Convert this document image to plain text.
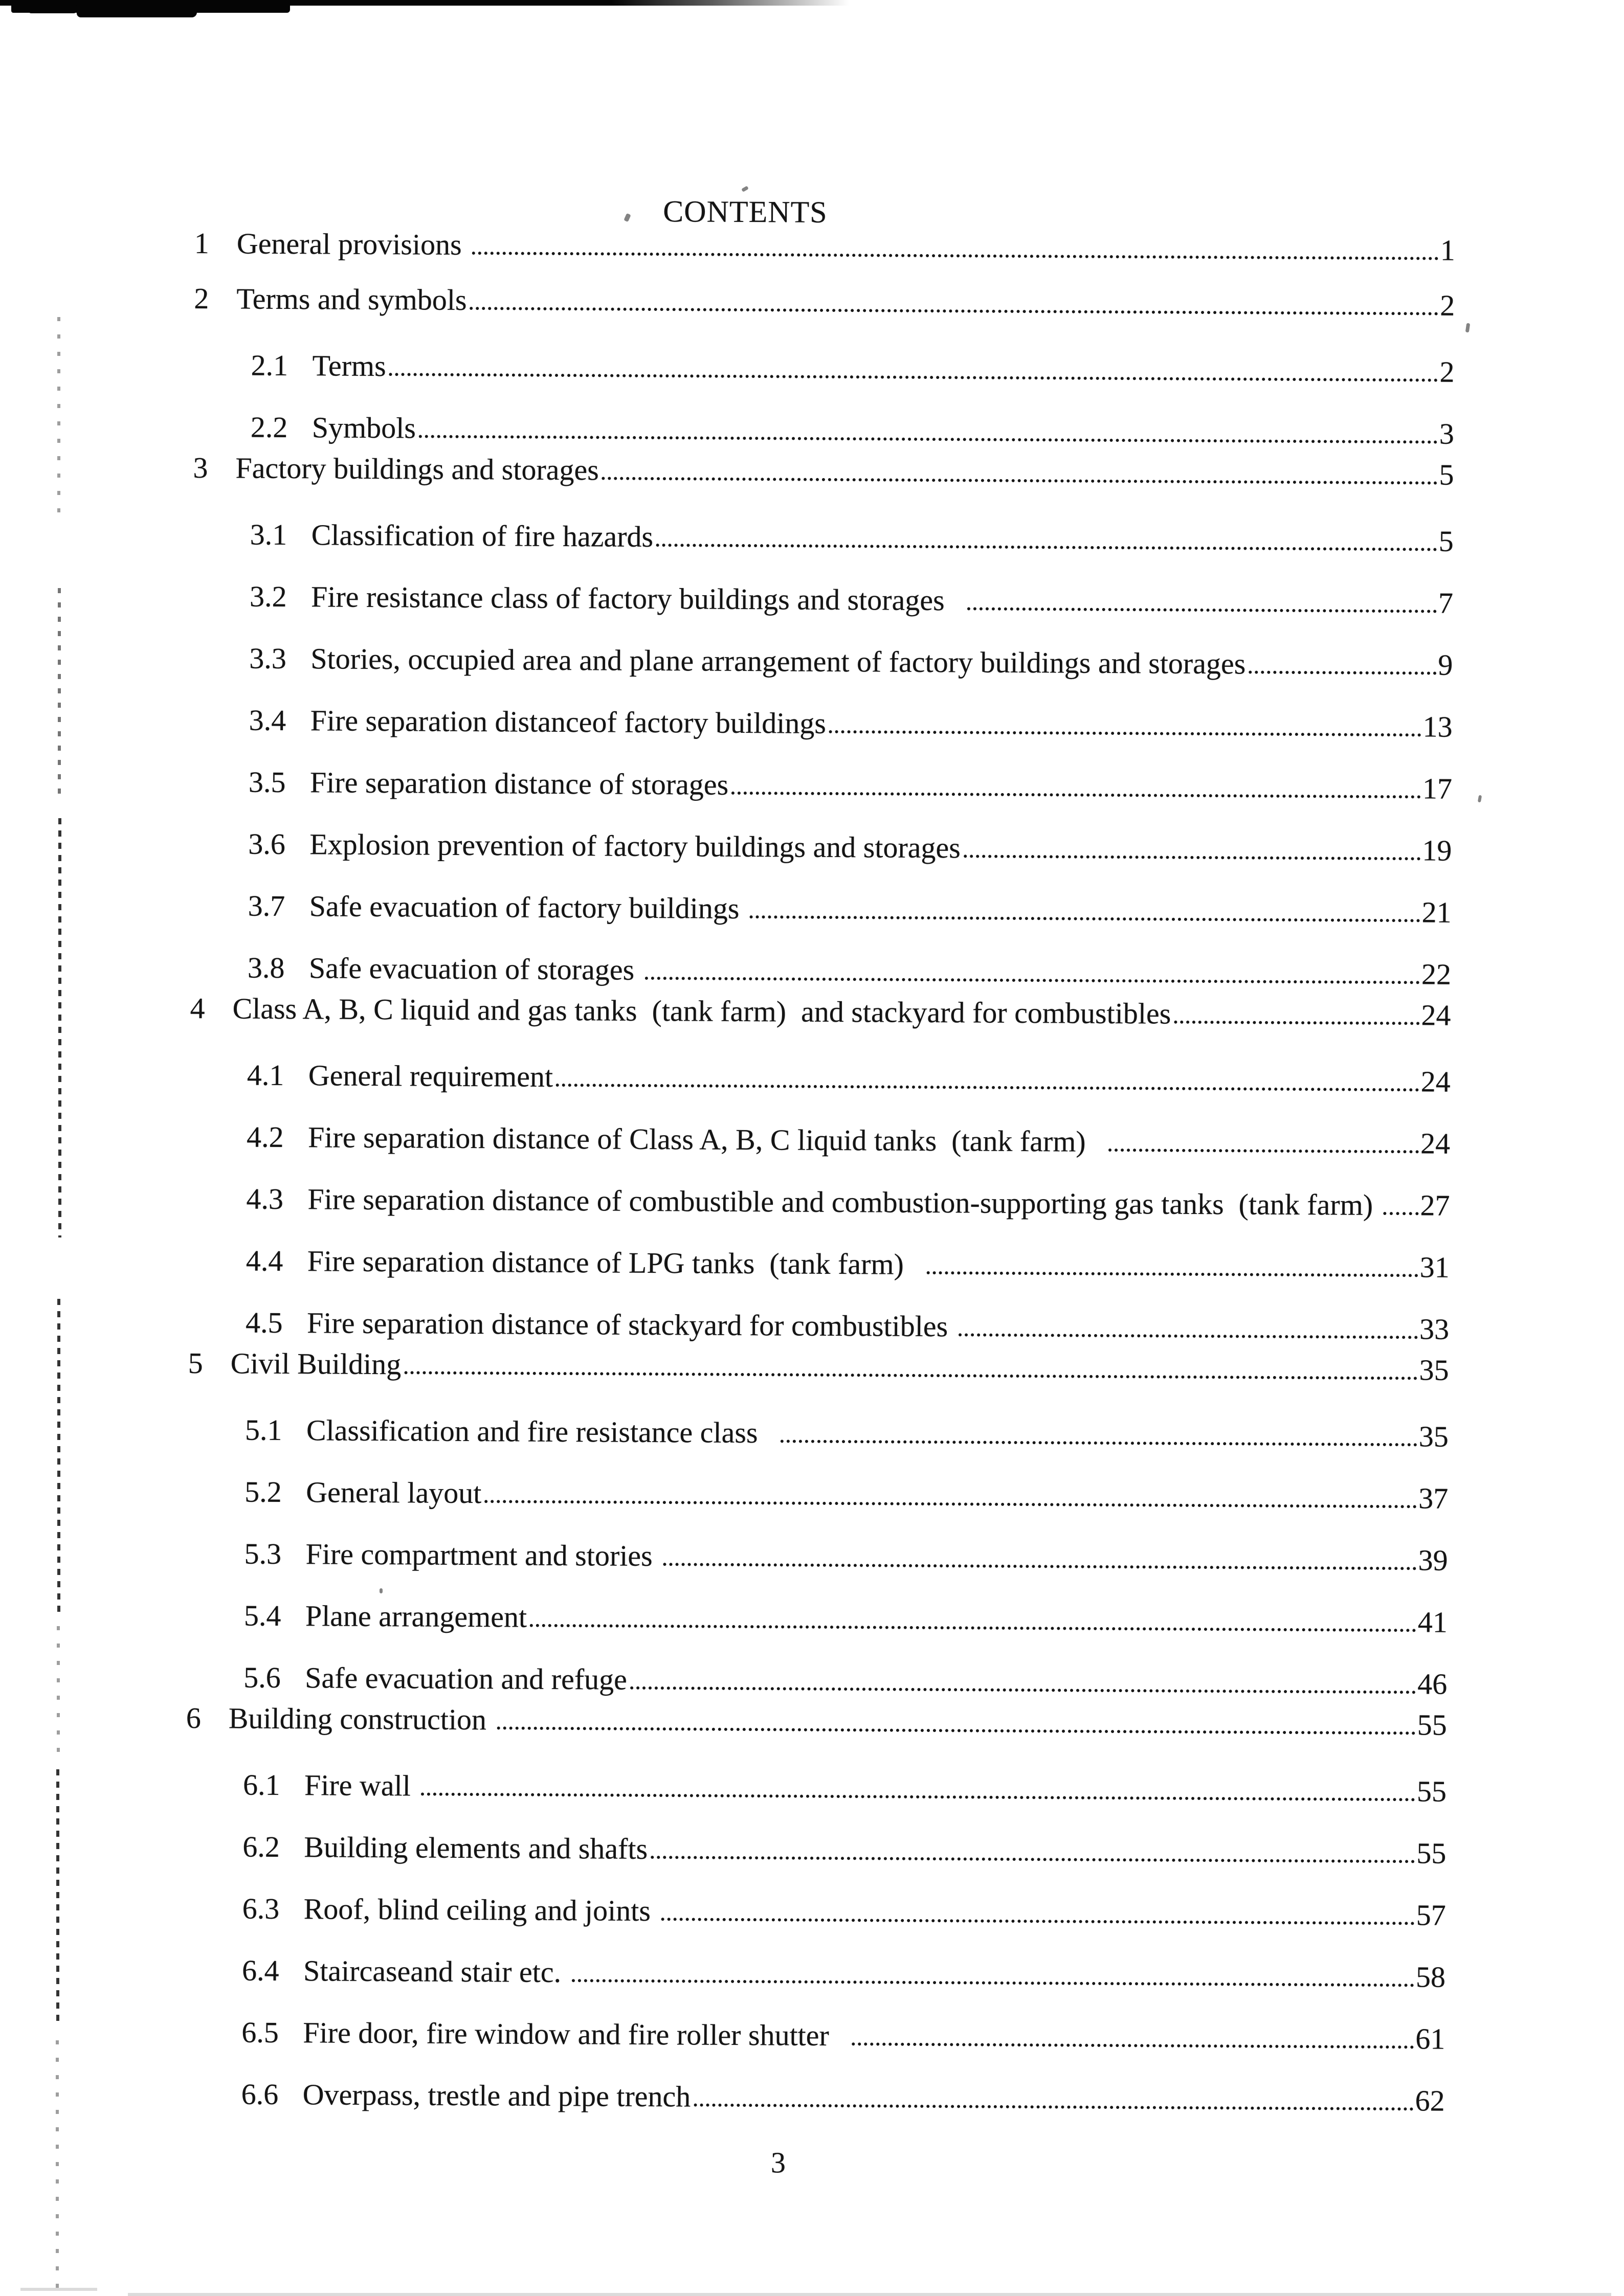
CONTENTS
1 General provisions	1
2 Terms and symbols	2
2.1 Terms	2
2.2 Symbols	3
3 Factory buildings and storages	5
3.1 Classification of fire hazards	5
3.2 Fire resistance class of factory buildings and storages	7
3.3 Stories, occupied area and plane arrangement of factory buildings and storages	9
3.4 Fire separation distanceof factory buildings	13
3.5 Fire separation distance of storages	17
3.6 Explosion prevention of factory buildings and storages	19
3.7 Safe evacuation of factory buildings	21
3.8 Safe evacuation of storages	22
4 Class A, B, C liquid and gas tanks  (tank farm)  and stackyard for combustibles	24
4.1 General requirement	24
4.2 Fire separation distance of Class A, B, C liquid tanks  (tank farm)	24
4.3 Fire separation distance of combustible and combustion-supporting gas tanks  (tank farm) 27
4.4 Fire separation distance of LPG tanks  (tank farm)	31
4.5 Fire separation distance of stackyard for combustibles	33
5 Civil Building	35
5.1 Classification and fire resistance class	35
5.2 General layout	37
5.3 Fire compartment and stories	39
5.4 Plane arrangement	41
5.6 Safe evacuation and refuge	46
6 Building construction	55
6.1 Fire wall	55
6.2 Building elements and shafts	55
6.3 Roof, blind ceiling and joints	57
6.4 Staircaseand stair etc.	58
6.5 Fire door, fire window and fire roller shutter	61
6.6 Overpass, trestle and pipe trench	62
3
